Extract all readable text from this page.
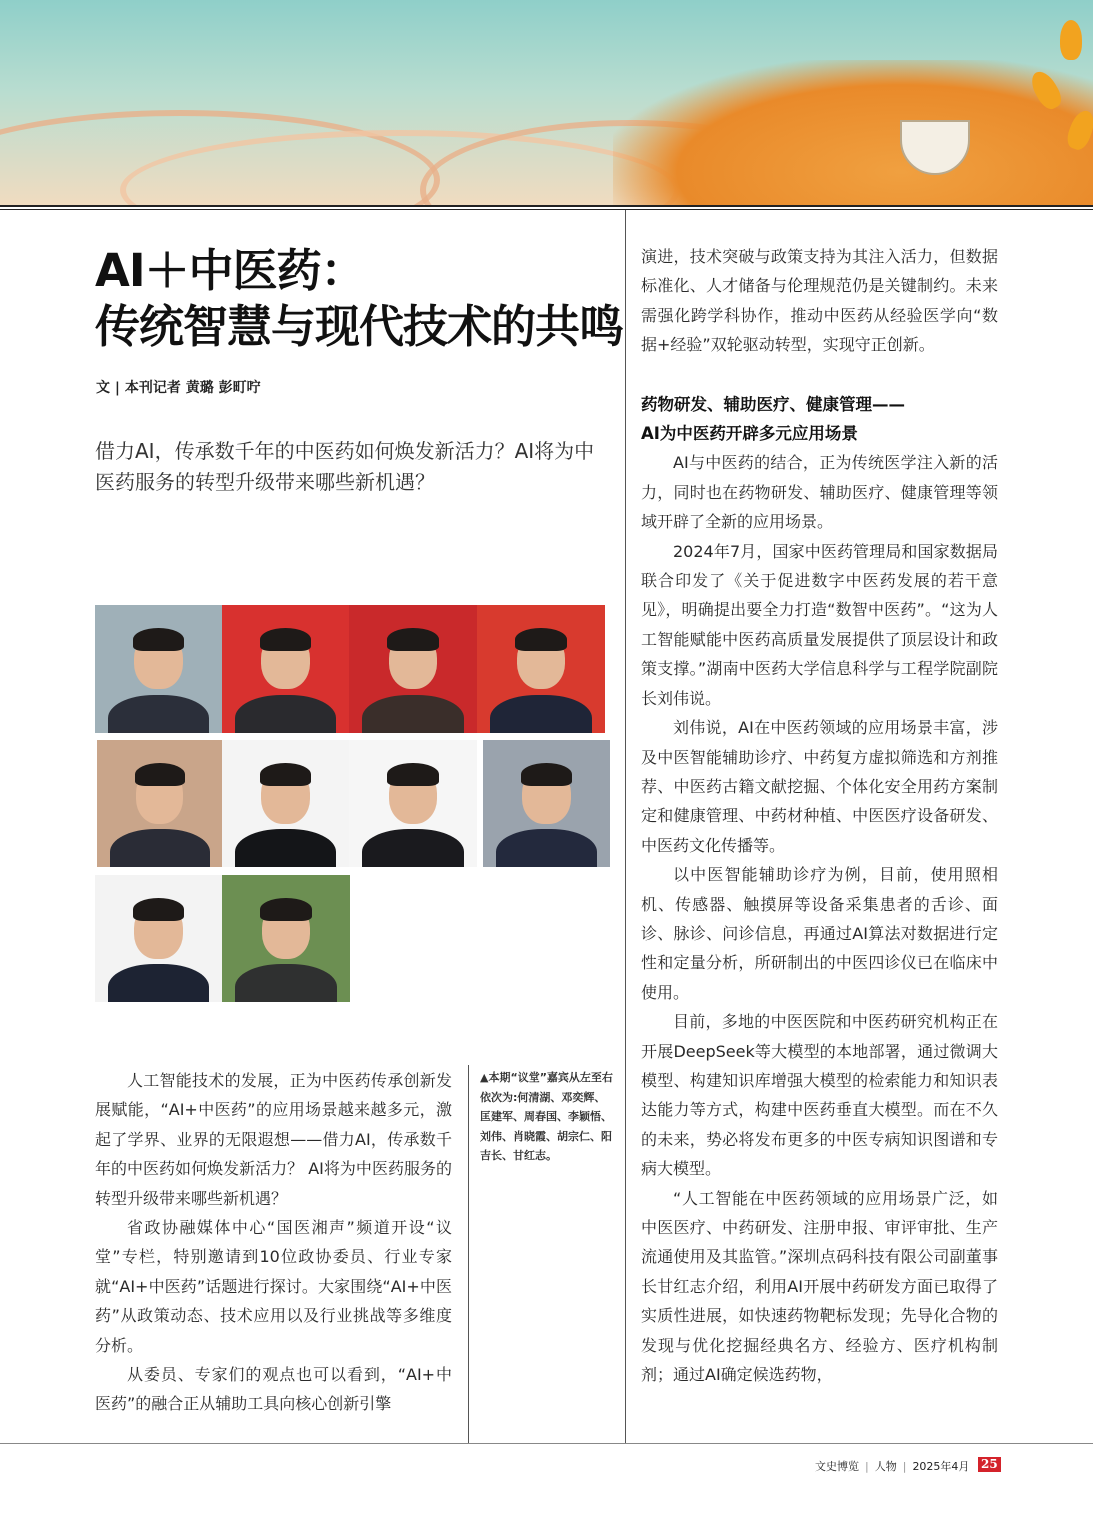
AI＋中医药：
传统智慧与现代技术的共鸣
文 | 本刊记者 黄璐 彭町咛
借力AI，传承数千年的中医药如何焕发新活力？AI将为中医药服务的转型升级带来哪些新机遇？

人工智能技术的发展，正为中医药传承创新发展赋能，“AI+中医药”的应用场景越来越多元，激起了学界、业界的无限遐想——借力AI，传承数千年的中医药如何焕发新活力？ AI将为中医药服务的转型升级带来哪些新机遇？

省政协融媒体中心“国医湘声”频道开设“议堂”专栏，特别邀请到10位政协委员、行业专家就“AI+中医药”话题进行探讨。大家围绕“AI+中医药”从政策动态、技术应用以及行业挑战等多维度分析。

从委员、专家们的观点也可以看到，“AI+中医药”的融合正从辅助工具向核心创新引擎

▲本期“议堂”嘉宾从左至右依次为:何清湖、邓奕辉、匡建军、周春国、李颖悟、刘伟、肖晓霞、胡宗仁、阳吉长、甘红志。

演进，技术突破与政策支持为其注入活力，但数据标准化、人才储备与伦理规范仍是关键制约。未来需强化跨学科协作，推动中医药从经验医学向“数据+经验”双轮驱动转型，实现守正创新。

药物研发、辅助医疗、健康管理——
AI为中医药开辟多元应用场景

AI与中医药的结合，正为传统医学注入新的活力，同时也在药物研发、辅助医疗、健康管理等领域开辟了全新的应用场景。

2024年7月，国家中医药管理局和国家数据局联合印发了《关于促进数字中医药发展的若干意见》，明确提出要全力打造“数智中医药”。“这为人工智能赋能中医药高质量发展提供了顶层设计和政策支撑。”湖南中医药大学信息科学与工程学院副院长刘伟说。

刘伟说，AI在中医药领域的应用场景丰富，涉及中医智能辅助诊疗、中药复方虚拟筛选和方剂推荐、中医药古籍文献挖掘、个体化安全用药方案制定和健康管理、中药材种植、中医医疗设备研发、中医药文化传播等。

以中医智能辅助诊疗为例，目前，使用照相机、传感器、触摸屏等设备采集患者的舌诊、面诊、脉诊、问诊信息，再通过AI算法对数据进行定性和定量分析，所研制出的中医四诊仪已在临床中使用。

目前，多地的中医医院和中医药研究机构正在开展DeepSeek等大模型的本地部署，通过微调大模型、构建知识库增强大模型的检索能力和知识表达能力等方式，构建中医药垂直大模型。而在不久的未来，势必将发布更多的中医专病知识图谱和专病大模型。

“人工智能在中医药领域的应用场景广泛，如中医医疗、中药研发、注册申报、审评审批、生产流通使用及其监管。”深圳点码科技有限公司副董事长甘红志介绍，利用AI开展中药研发方面已取得了实质性进展，如快速药物靶标发现；先导化合物的发现与优化挖掘经典名方、经验方、医疗机构制剂；通过AI确定候选药物，

文史博览 | 人物 | 2025年4月 25
